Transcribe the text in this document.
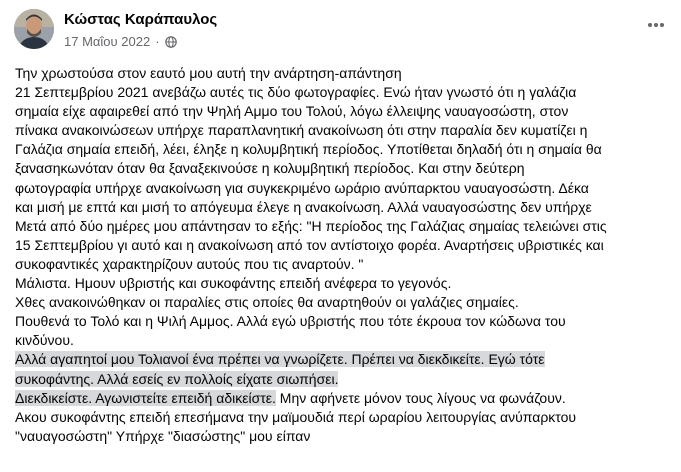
Κώστας Καράπαυλος
17 Μαΐου 2022 ·
Την χρωστούσα στον εαυτό μου αυτή την ανάρτηση-απάντηση
21 Σεπτεμβρίου 2021 ανεβάζω αυτές τις δύο φωτογραφίες. Ενώ ήταν γνωστό ότι η γαλάζια
σημαία είχε αφαιρεθεί από την Ψηλή Αμμο του Τολού, λόγω έλλειψης ναυαγοσώστη, στον
πίνακα ανακοινώσεων υπήρχε παραπλανητική ανακοίνωση ότι στην παραλία δεν κυματίζει η
Γαλάζια σημαία επειδή, λέει, έληξε η κολυμβητική περίοδος. Υποτίθεται δηλαδή ότι η σημαία θα
ξανασηκωνόταν όταν θα ξαναξεκινούσε η κολυμβητική περίοδος. Και στην δεύτερη
φωτογραφία υπήρχε ανακοίνωση για συγκεκριμένο ωράριο ανύπαρκτου ναυαγοσώστη. Δέκα
και μισή με επτά και μισή το απόγευμα έλεγε η ανακοίνωση. Αλλά ναυαγοσώστης δεν υπήρχε
Μετά από δύο ημέρες μου απάντησαν το εξής: "Η περίοδος της Γαλάζιας σημαίας τελειώνει στις
15 Σεπτεμβρίου γι αυτό και η ανακοίνωση από τον αντίστοιχο φορέα. Αναρτήσεις υβριστικές και
συκοφαντικές χαρακτηρίζουν αυτούς που τις αναρτούν. "
Μάλιστα. Ημουν υβριστής και συκοφάντης επειδή ανέφερα το γεγονός.
Χθες ανακοινώθηκαν οι παραλίες στις οποίες θα αναρτηθούν οι γαλάζιες σημαίες.
Πουθενά το Τολό και η Ψιλή Αμμος. Αλλά εγώ υβριστής που τότε έκρουα τον κώδωνα του
κινδύνου.
Αλλά αγαπητοί μου Τολιανοί ένα πρέπει να γνωρίζετε. Πρέπει να διεκδικείτε. Εγώ τότε
συκοφάντης. Αλλά εσείς εν πολλοίς είχατε σιωπήσει.
Διεκδικείστε. Αγωνιστείτε επειδή αδικείστε. Μην αφήνετε μόνον τους λίγους να φωνάζουν.
Ακου συκοφάντης επειδή επεσήμανα την μαϊμουδιά περί ωραρίου λειτουργίας ανύπαρκτου
"ναυαγοσώστη" Υπήρχε "διασώστης" μου είπαν
